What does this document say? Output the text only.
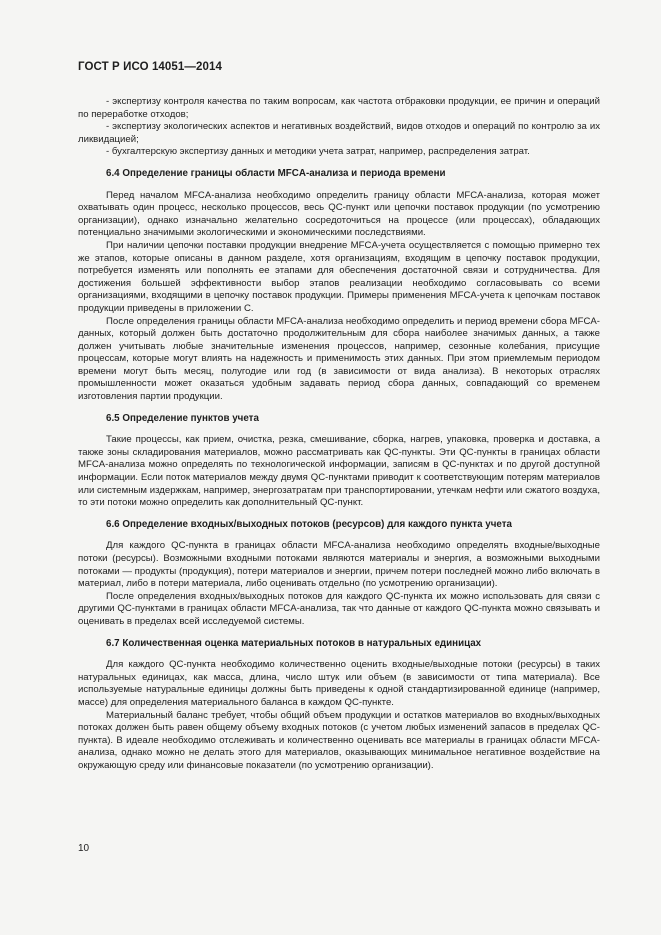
ГОСТ Р ИСО 14051—2014

- экспертизу контроля качества по таким вопросам, как частота отбраковки продукции, ее причин и операций по переработке отходов;

- экспертизу экологических аспектов и негативных воздействий, видов отходов и операций по контролю за их ликвидацией;

- бухгалтерскую экспертизу данных и методики учета затрат, например, распределения затрат.

6.4 Определение границы области MFCA-анализа и периода времени

Перед началом MFCA-анализа необходимо определить границу области MFCA-анализа, которая может охватывать один процесс, несколько процессов, весь QC-пункт или цепочки поставок продукции (по усмотрению организации), однако изначально желательно сосредоточиться на процессе (или процессах), обладающих потенциально значимыми экологическими и экономическими последствиями.

При наличии цепочки поставки продукции внедрение MFCA-учета осуществляется с помощью примерно тех же этапов, которые описаны в данном разделе, хотя организациям, входящим в цепочку поставок продукции, потребуется изменять или пополнять ее этапами для обеспечения достаточной связи и сотрудничества. Для достижения большей эффективности выбор этапов реализации необходимо согласовывать со всеми организациями, входящими в цепочку поставок продукции. Примеры применения MFCA-учета к цепочкам поставок продукции приведены в приложении С.

После определения границы области MFCA-анализа необходимо определить и период времени сбора MFCA-данных, который должен быть достаточно продолжительным для сбора наиболее значимых данных, а также должен учитывать любые значительные изменения процессов, например, сезонные колебания, присущие процессам, которые могут влиять на надежность и применимость этих данных. При этом приемлемым периодом времени могут быть месяц, полугодие или год (в зависимости от вида анализа). В некоторых отраслях промышленности может оказаться удобным задавать период сбора данных, совпадающий со временем изготовления партии продукции.

6.5 Определение пунктов учета

Такие процессы, как прием, очистка, резка, смешивание, сборка, нагрев, упаковка, проверка и доставка, а также зоны складирования материалов, можно рассматривать как QC-пункты. Эти QC-пункты в границах области MFCA-анализа можно определять по технологической информации, записям в QC-пунктах и по другой доступной информации. Если поток материалов между двумя QC-пунктами приводит к соответствующим потерям материалов или системным издержкам, например, энергозатратам при транспортировании, утечкам нефти или сжатого воздуха, то эти потоки можно определить как дополнительный QC-пункт.

6.6 Определение входных/выходных потоков (ресурсов) для каждого пункта учета

Для каждого QC-пункта в границах области MFCA-анализа необходимо определять входные/выходные потоки (ресурсы). Возможными входными потоками являются материалы и энергия, а возможными выходными потоками — продукты (продукция), потери материалов и энергии, причем потери последней можно либо включать в материал, либо в потери материала, либо оценивать отдельно (по усмотрению организации).

После определения входных/выходных потоков для каждого QC-пункта их можно использовать для связи с другими QC-пунктами в границах области MFCA-анализа, так что данные от каждого QC-пункта можно связывать и оценивать в пределах всей исследуемой системы.

6.7 Количественная оценка материальных потоков в натуральных единицах

Для каждого QC-пункта необходимо количественно оценить входные/выходные потоки (ресурсы) в таких натуральных единицах, как масса, длина, число штук или объем (в зависимости от типа материала). Все используемые натуральные единицы должны быть приведены к одной стандартизированной единице (например, массе) для определения материального баланса в каждом QC-пункте.

Материальный баланс требует, чтобы общий объем продукции и остатков материалов во входных/выходных потоках должен быть равен общему объему входных потоков (с учетом любых изменений запасов в пределах QC-пункта). В идеале необходимо отслеживать и количественно оценивать все материалы в границах области MFCA-анализа, однако можно не делать этого для материалов, оказывающих минимальное негативное воздействие на окружающую среду или финансовые показатели (по усмотрению организации).

10
